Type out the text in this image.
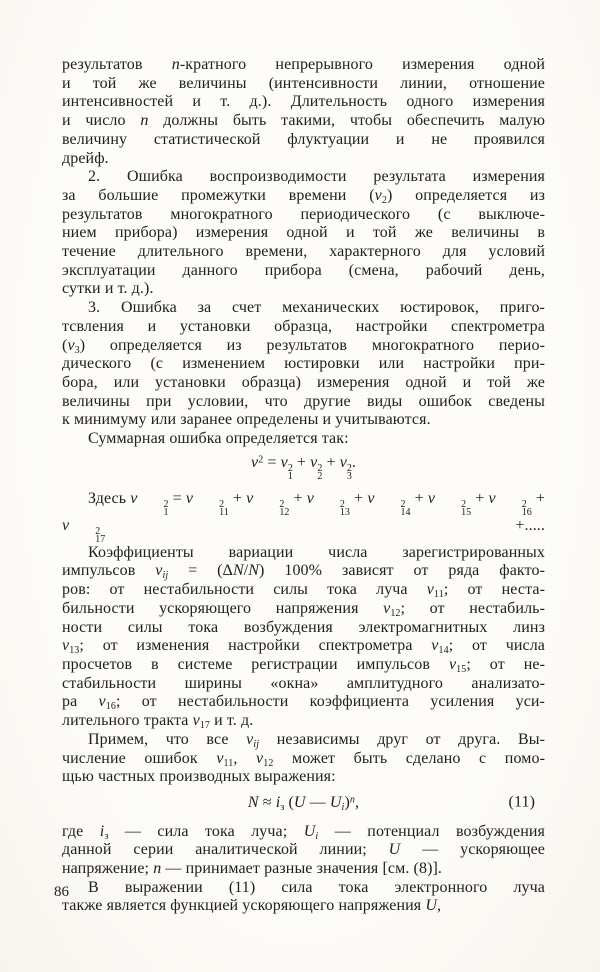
результатов n-кратного непрерывного измерения одной
и той же величины (интенсивности линии, отношение
интенсивностей и т. д.). Длительность одного измерения
и число n должны быть такими, чтобы обеспечить малую
величину статистической флуктуации и не проявился
дрейф.
2. Ошибка воспроизводимости результата измерения
за большие промежутки времени $(v_2)$ определяется из
результатов многократного периодического (с выключе-
нием прибора) измерения одной и той же величины в
течение длительного времени, характерного для условий
эксплуатации данного прибора (смена, рабочий день,
сутки и т. д.).
3. Ошибка за счет механических юстировок, приго-
тсвления и установки образца, настройки спектрометра
$(v_3)$ определяется из результатов многократного перио-
дического (с изменением юстировки или настройки при-
бора, или установки образца) измерения одной и той же
величины при условии, что другие виды ошибок сведены
к минимуму или заранее определены и учитываются.
Суммарная ошибка определяется так:
$v^2 = v$ 2
1
+ v 2
2
+ v 2
3
.
Здесь v	2
1
= v	2
11
+ v	2
12
+ v	2
13
+ v	2
14
+ v	2
15
+ v	2
16
+ v	2
17
+.....
Коэффициенты вариации числа зарегистрированных
импульсов $v_{ij} = (\Delta N/N)$ 100% зависят от ряда факто-
ров: от нестабильности силы тока луча $v_{11}$; от неста-
бильности ускоряющего напряжения $v_{12}$; от нестабиль-
ности силы тока возбуждения электромагнитных линз
$v_{13}$; от изменения настройки спектрометра $v_{14}$; от числа
просчетов в системе регистрации импульсов $v_{15}$; от не-
стабильности ширины «окна» амплитудного анализато-
ра $v_{16}$; от нестабильности коэффициента усиления уси-
лительного тракта $v_{17}$ и т. д.
Примем, что все $v_{ij}$ независимы друг от друга. Вы-
числение ошибок $v_{11}$, $v_{12}$ может быть сделано с помо-
щью частных производных выражения:
$N \approx i_з$ (U — $U_i)^n$,	(11)
где $i_з$ — сила тока луча; $U_i$ — потенциал возбуждения
данной серии аналитической линии; U — ускоряющее
напряжение; n — принимает разные значения [см. (8)].
В выражении (11) сила тока электронного луча
также является функцией ускоряющего напряжения U,
86
